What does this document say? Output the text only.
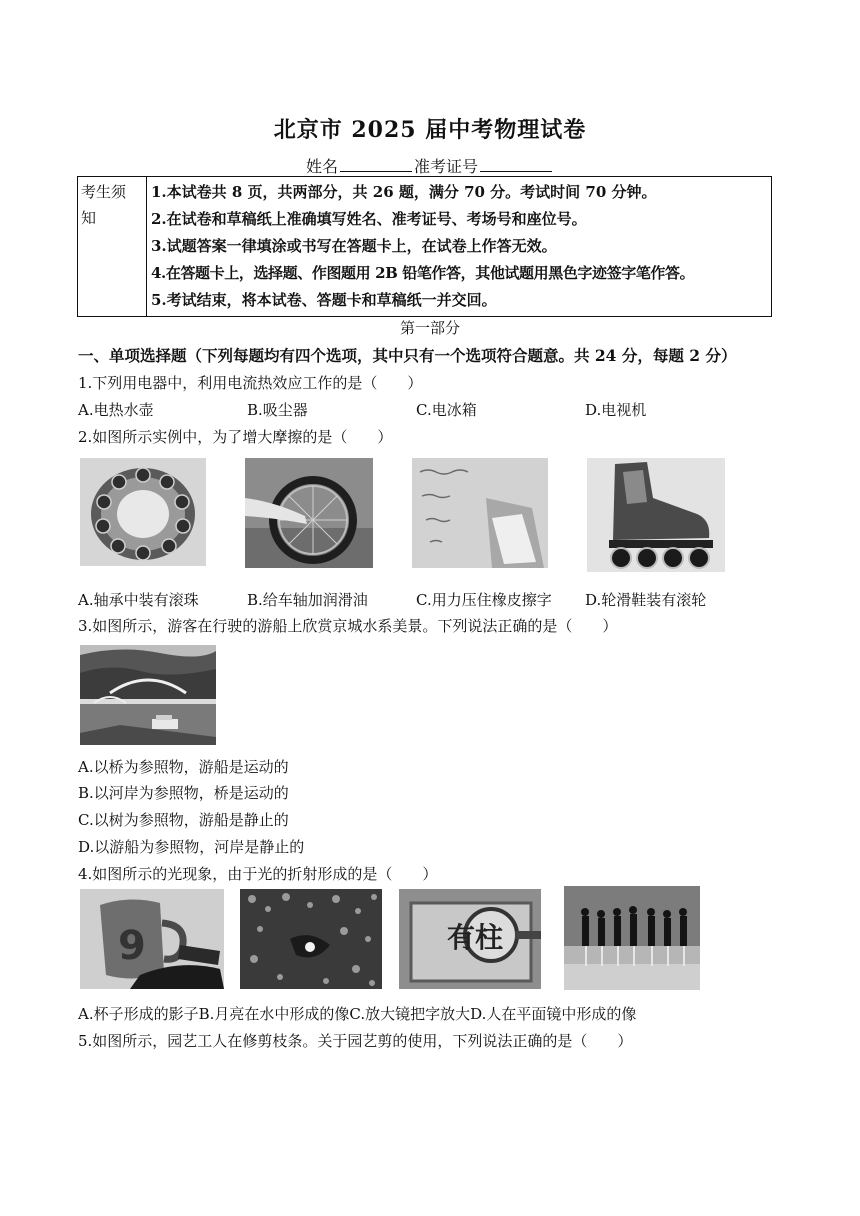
北京市 2025 届中考物理试卷
姓名	准考证号
考生须知

1.本试卷共 8 页，共两部分，共 26 题，满分 70 分。考试时间 70 分钟。
2.在试卷和草稿纸上准确填写姓名、准考证号、考场号和座位号。
3.试题答案一律填涂或书写在答题卡上，在试卷上作答无效。
4.在答题卡上，选择题、作图题用 2B 铅笔作答，其他试题用黑色字迹签字笔作答。
5.考试结束，将本试卷、答题卡和草稿纸一并交回。
第一部分
一、单项选择题（下列每题均有四个选项，其中只有一个选项符合题意。共 24 分，每题 2 分）
1.下列用电器中，利用电流热效应工作的是（　　）
A.电热水壶	B.吸尘器	C.电冰箱	D.电视机
2.如图所示实例中，为了增大摩擦的是（　　）
A.轴承中装有滚珠	B.给车轴加润滑油	C.用力压住橡皮擦字 D.轮滑鞋装有滚轮
3.如图所示，游客在行驶的游船上欣赏京城水系美景。下列说法正确的是（　　）
A.以桥为参照物，游船是运动的
B.以河岸为参照物，桥是运动的
C.以树为参照物，游船是静止的
D.以游船为参照物，河岸是静止的
4.如图所示的光现象，由于光的折射形成的是（　　）
9	有柱
A.杯子形成的影子B.月亮在水中形成的像C.放大镜把字放大D.人在平面镜中形成的像
5.如图所示，园艺工人在修剪枝条。关于园艺剪的使用，下列说法正确的是（　　）
